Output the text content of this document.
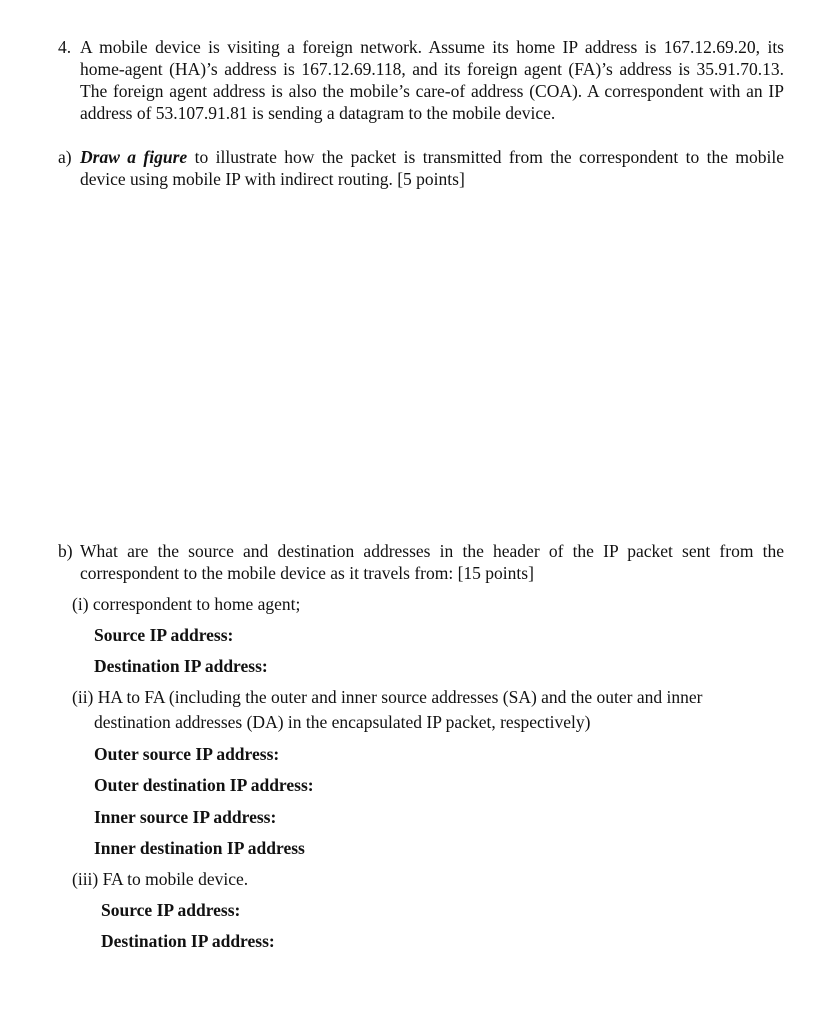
4. A mobile device is visiting a foreign network. Assume its home IP address is 167.12.69.20, its home-agent (HA)’s address is 167.12.69.118, and its foreign agent (FA)’s address is 35.91.70.13. The foreign agent address is also the mobile’s care-of address (COA). A correspondent with an IP address of 53.107.91.81 is sending a datagram to the mobile device.
a) Draw a figure to illustrate how the packet is transmitted from the correspondent to the mobile device using mobile IP with indirect routing. [5 points]
b) What are the source and destination addresses in the header of the IP packet sent from the correspondent to the mobile device as it travels from: [15 points]
(i) correspondent to home agent;
Source IP address:
Destination IP address:
(ii) HA to FA (including the outer and inner source addresses (SA) and the outer and inner
destination addresses (DA) in the encapsulated IP packet, respectively)
Outer source IP address:
Outer destination IP address:
Inner source IP address:
Inner destination IP address
(iii) FA to mobile device.
Source IP address:
Destination IP address:
